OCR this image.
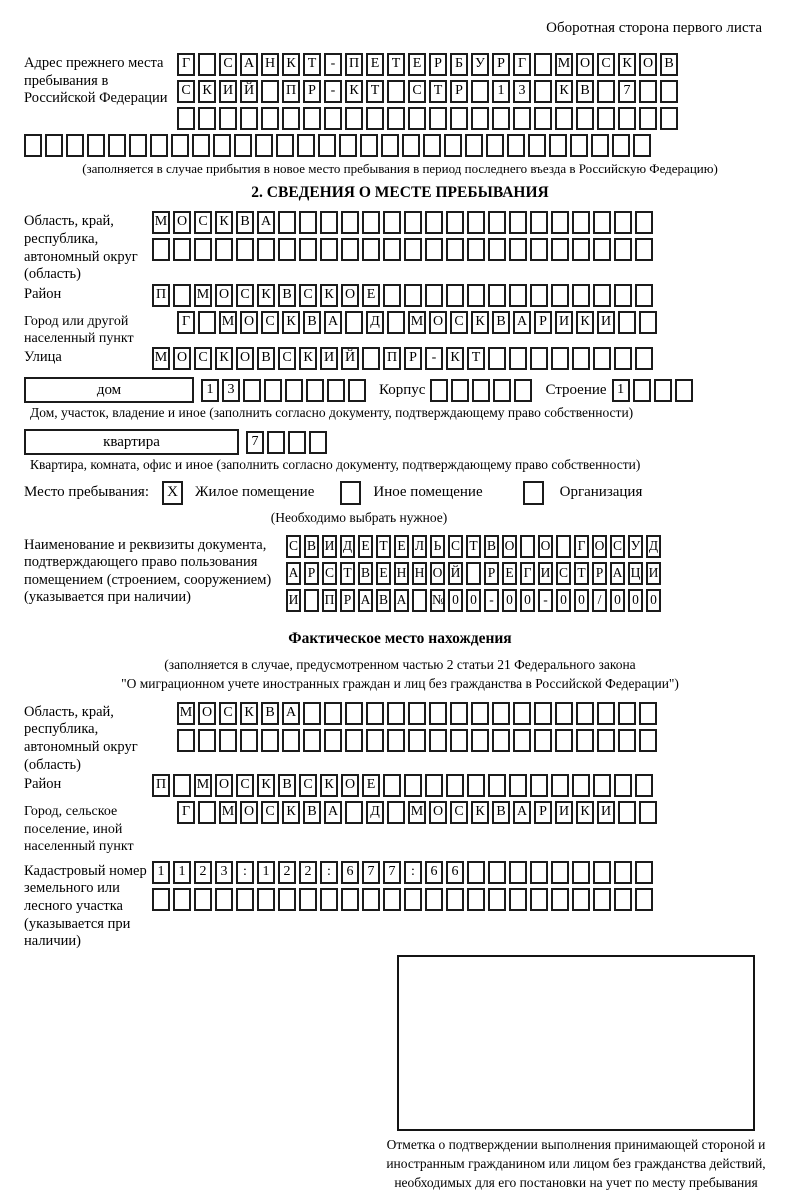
Оборотная сторона первого листа
Адрес прежнего места пребывания в Российской Федерации
Г С А Н К Т - П Е Т Е Р Б У Р Г М О С К О В
С К И Й П Р - К Т С Т Р 1 3 К В 7
(заполняется в случае прибытия в новое место пребывания в период последнего въезда в Российскую Федерацию)
2. СВЕДЕНИЯ О МЕСТЕ ПРЕБЫВАНИЯ
Область, край, республика, автономный округ (область)
М О С К В А
Район	П М О С К В С К О Е
Город или другой населенный пункт
Г М О С К В А Д М О С К В А Р И К И
Улица	М О С К О В С К И Й П Р - К Т
дом	1 3	Корпус	Строение 1
Дом, участок, владение и иное (заполнить согласно документу, подтверждающему право собственности)
квартира	7
Квартира, комната, офис и иное (заполнить согласно документу, подтверждающему право собственности)
Место пребывания:	X	Жилое помещение	Иное помещение	Организация
(Необходимо выбрать нужное)
Наименование и реквизиты документа, подтверждающего право пользования помещением (строением, сооружением) (указывается при наличии)
С В И Д Е Т Е Л Ь С Т В О О Г О С У Д
А Р С Т В Е Н Н О Й Р Е Г И С Т Р А Ц И
И П Р А В А № 0 0 - 0 0 - 0 0 / 0 0 0
Фактическое место нахождения
(заполняется в случае, предусмотренном частью 2 статьи 21 Федерального закона
"О миграционном учете иностранных граждан и лиц без гражданства в Российской Федерации")
Область, край, республика, автономный округ (область)
М О С К В А
Район	П М О С К В С К О Е
Город, сельское поселение, иной населенный пункт
Г М О С К В А Д М О С К В А Р И К И
Кадастровый номер земельного или лесного участка (указывается при наличии)
1 1 2 3 : 1 2 2 : 6 7 7 : 6 6
Отметка о подтверждении выполнения принимающей стороной и иностранным гражданином или лицом без гражданства действий, необходимых для его постановки на учет по месту пребывания
